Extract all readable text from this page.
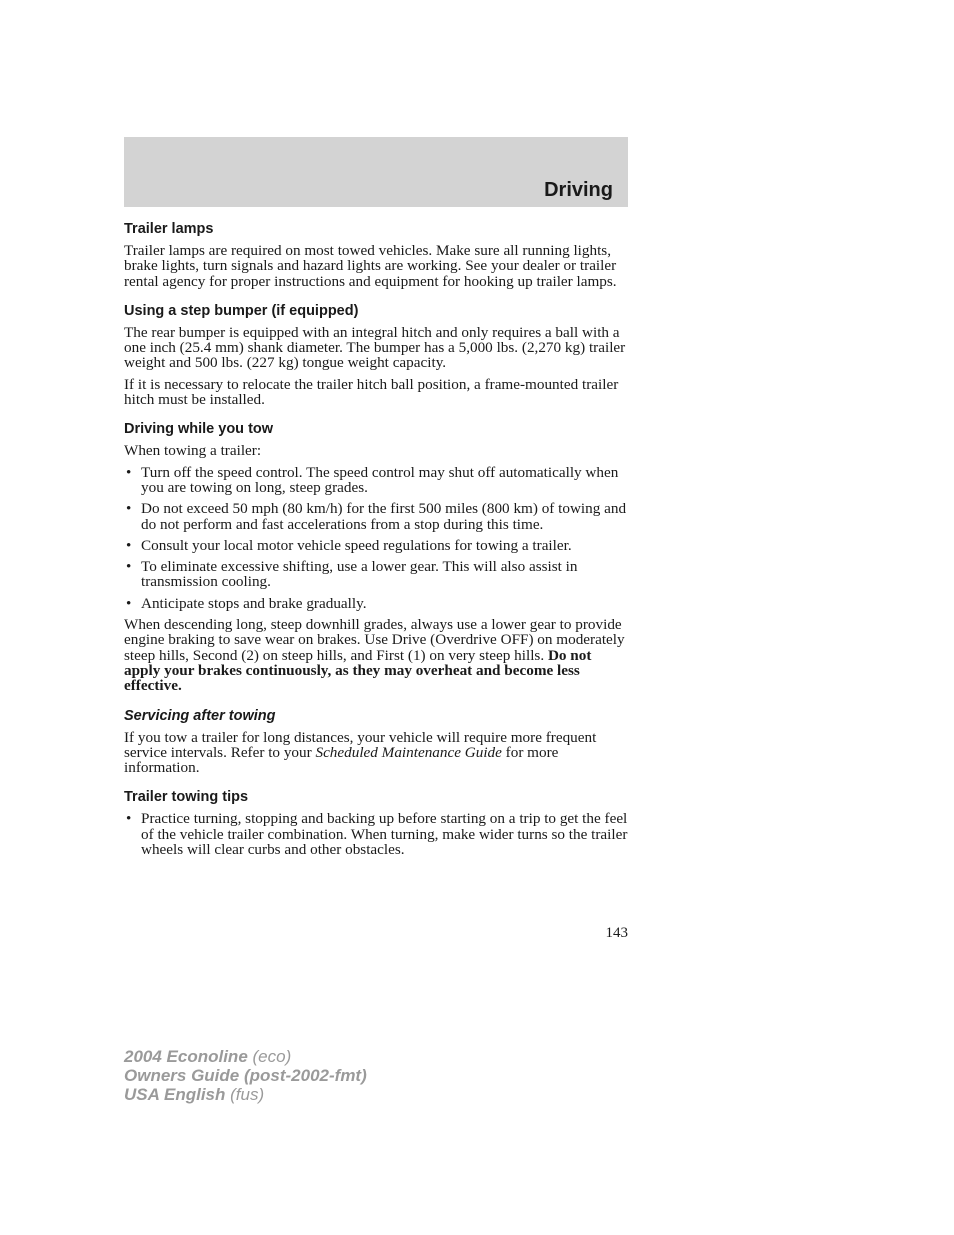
Driving
Trailer lamps

Trailer lamps are required on most towed vehicles. Make sure all running lights, brake lights, turn signals and hazard lights are working. See your dealer or trailer rental agency for proper instructions and equipment for hooking up trailer lamps.

Using a step bumper (if equipped)

The rear bumper is equipped with an integral hitch and only requires a ball with a one inch (25.4 mm) shank diameter. The bumper has a 5,000 lbs. (2,270 kg) trailer weight and 500 lbs. (227 kg) tongue weight capacity.

If it is necessary to relocate the trailer hitch ball position, a frame-mounted trailer hitch must be installed.

Driving while you tow

When towing a trailer:

• Turn off the speed control. The speed control may shut off automatically when you are towing on long, steep grades.
• Do not exceed 50 mph (80 km/h) for the first 500 miles (800 km) of towing and do not perform and fast accelerations from a stop during this time.
• Consult your local motor vehicle speed regulations for towing a trailer.
• To eliminate excessive shifting, use a lower gear. This will also assist in transmission cooling.
• Anticipate stops and brake gradually.

When descending long, steep downhill grades, always use a lower gear to provide engine braking to save wear on brakes. Use Drive (Overdrive OFF) on moderately steep hills, Second (2) on steep hills, and First (1) on very steep hills. Do not apply your brakes continuously, as they may overheat and become less effective.

Servicing after towing

If you tow a trailer for long distances, your vehicle will require more frequent service intervals. Refer to your Scheduled Maintenance Guide for more information.

Trailer towing tips
• Practice turning, stopping and backing up before starting on a trip to get the feel of the vehicle trailer combination. When turning, make wider turns so the trailer wheels will clear curbs and other obstacles.

143

2004 Econoline (eco)
Owners Guide (post-2002-fmt)
USA English (fus)
